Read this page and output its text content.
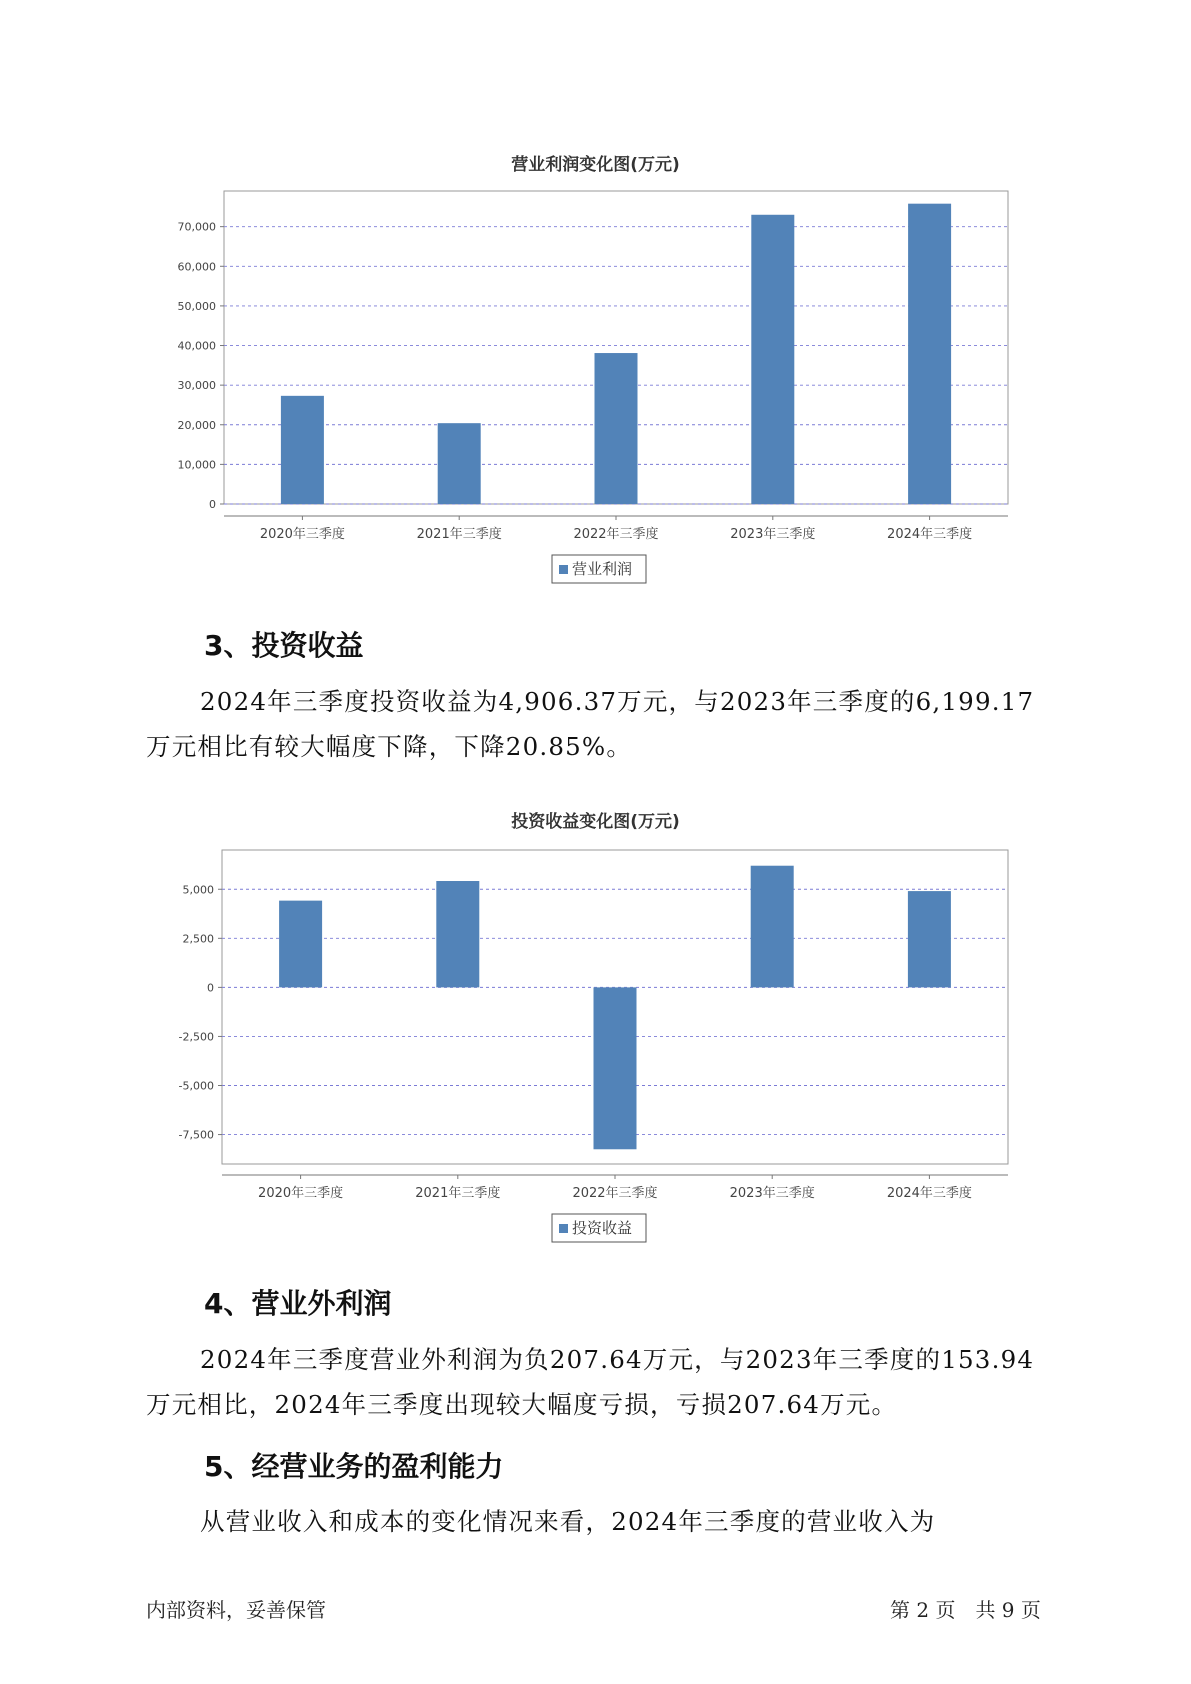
营业利润变化图(万元)
0
10,000
20,000
30,000
40,000
50,000
60,000
70,000
2020年三季度	2021年三季度	2022年三季度	2023年三季度	2024年三季度
营业利润
3、投资收益
2024年三季度投资收益为4,906.37万元，与2023年三季度的6,199.17
万元相比有较大幅度下降，下降20.85%。
投资收益变化图(万元)
5,000
2,500
0
-2,500
-5,000
-7,500
2020年三季度	2021年三季度	2022年三季度	2023年三季度	2024年三季度
投资收益
4、营业外利润
2024年三季度营业外利润为负207.64万元，与2023年三季度的153.94
万元相比，2024年三季度出现较大幅度亏损，亏损207.64万元。
5、经营业务的盈利能力
从营业收入和成本的变化情况来看，2024年三季度的营业收入为
内部资料，妥善保管	第 2 页　共 9 页
